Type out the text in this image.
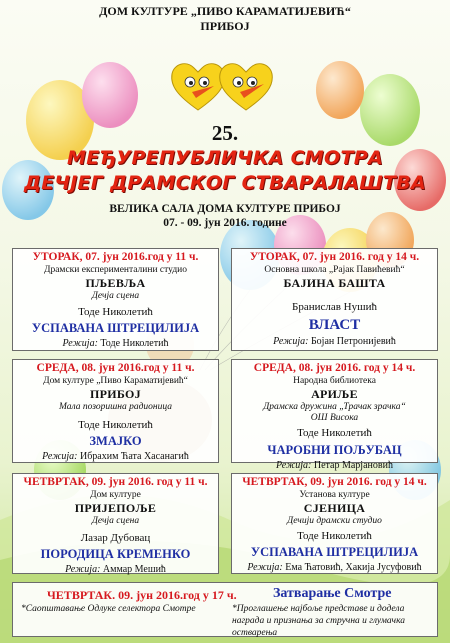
ДОМ КУЛТУРЕ „ПИВО КАРАМАТИЈЕВИЋ“
ПРИБОЈ
25.
МЕЂУРЕПУБЛИЧКА СМОТРА
ДЕЧЈЕГ ДРАМСКОГ СТВАРАЛАШТВА
ВЕЛИКА САЛА ДОМА КУЛТУРЕ ПРИБОЈ
07. - 09. јун 2016. године
УТОРАК, 07. јун 2016.год у 11 ч.
Драмски експерименталини студио
ПЉЕВЉА
Дечја сцена
Тоде Николетић
УСПАВАНА ШТРЕЦИЛИЈА
Режија: Тоде Николетић
УТОРАК, 07. јун 2016. год у 14 ч.
Основна школа „Рајак Павићевић“
БАЈИНА БАШТА
Бранислав Нушић
ВЛАСТ
Режија: Бојан Петронијевић
СРЕДА, 08. јун 2016.год у 11 ч.
Дом културе „Пиво Караматијевић“
ПРИБОЈ
Мала позоришна радионица
Тоде Николетић
ЗМАЈКО
Режија: Ибрахим Ћата Хасанагић
СРЕДА, 08. јун 2016. год у 14 ч.
Народна библиотека
АРИЉЕ
Драмска дружина „Трачак зрачка“
ОШ Висока
Тоде Николетић
ЧАРОБНИ ПОЉУБАЦ
Режија: Петар Марјановић
ЧЕТВРТАК, 09. јун 2016. год у 11 ч.
Дом културе
ПРИЈЕПОЉЕ
Дечја сцена
Лазар Дубовац
ПОРОДИЦА КРЕМЕНКО
Режија: Аммар Мешић
ЧЕТВРТАК, 09. јун 2016. год у 14 ч.
Установа културе
СЈЕНИЦА
Дечији драмски студио
Тоде Николетић
УСПАВАНА ШТРЕЦИЛИЈА
Режија: Ема Ћатовић, Хакија Јусуфовић
ЧЕТВРТАК. 09. јун 2016.год у 17 ч.	Затварање Смотре
*Саопштавање Одлуке селектора Смотре	*Проглашење најбоље представе и додела награда и признања за стручна и глумачка остварења
